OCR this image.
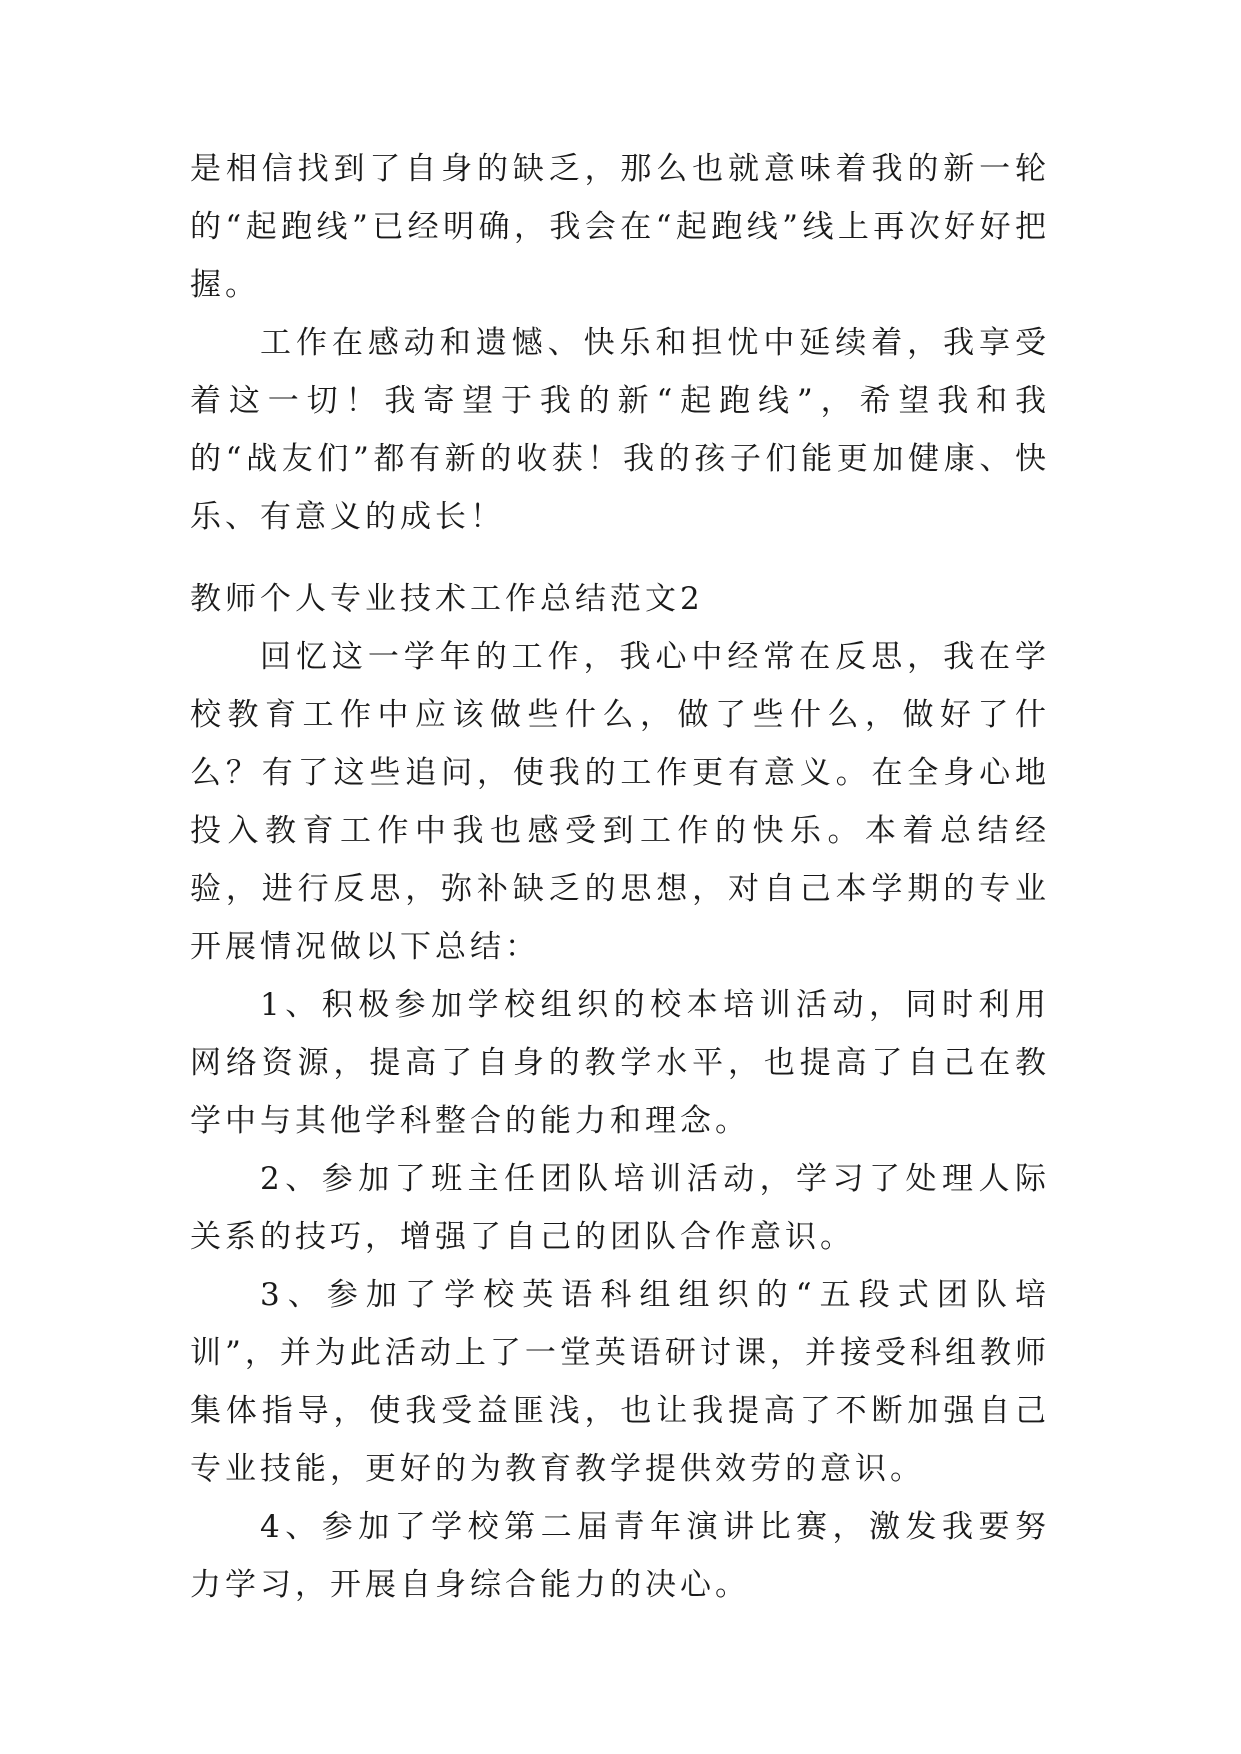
是相信找到了自身的缺乏，那么也就意味着我的新一轮的“起跑线”已经明确，我会在“起跑线”线上再次好好把握。

工作在感动和遗憾、快乐和担忧中延续着，我享受着这一切！我寄望于我的新“起跑线”，希望我和我的“战友们”都有新的收获！我的孩子们能更加健康、快乐、有意义的成长！

教师个人专业技术工作总结范文2

回忆这一学年的工作，我心中经常在反思，我在学校教育工作中应该做些什么，做了些什么，做好了什么？有了这些追问，使我的工作更有意义。在全身心地投入教育工作中我也感受到工作的快乐。本着总结经验，进行反思，弥补缺乏的思想，对自己本学期的专业开展情况做以下总结：

1、积极参加学校组织的校本培训活动，同时利用网络资源，提高了自身的教学水平，也提高了自己在教学中与其他学科整合的能力和理念。

2、参加了班主任团队培训活动，学习了处理人际关系的技巧，增强了自己的团队合作意识。

3、参加了学校英语科组组织的“五段式团队培训”，并为此活动上了一堂英语研讨课，并接受科组教师集体指导，使我受益匪浅，也让我提高了不断加强自己专业技能，更好的为教育教学提供效劳的意识。

4、参加了学校第二届青年演讲比赛，激发我要努力学习，开展自身综合能力的决心。
